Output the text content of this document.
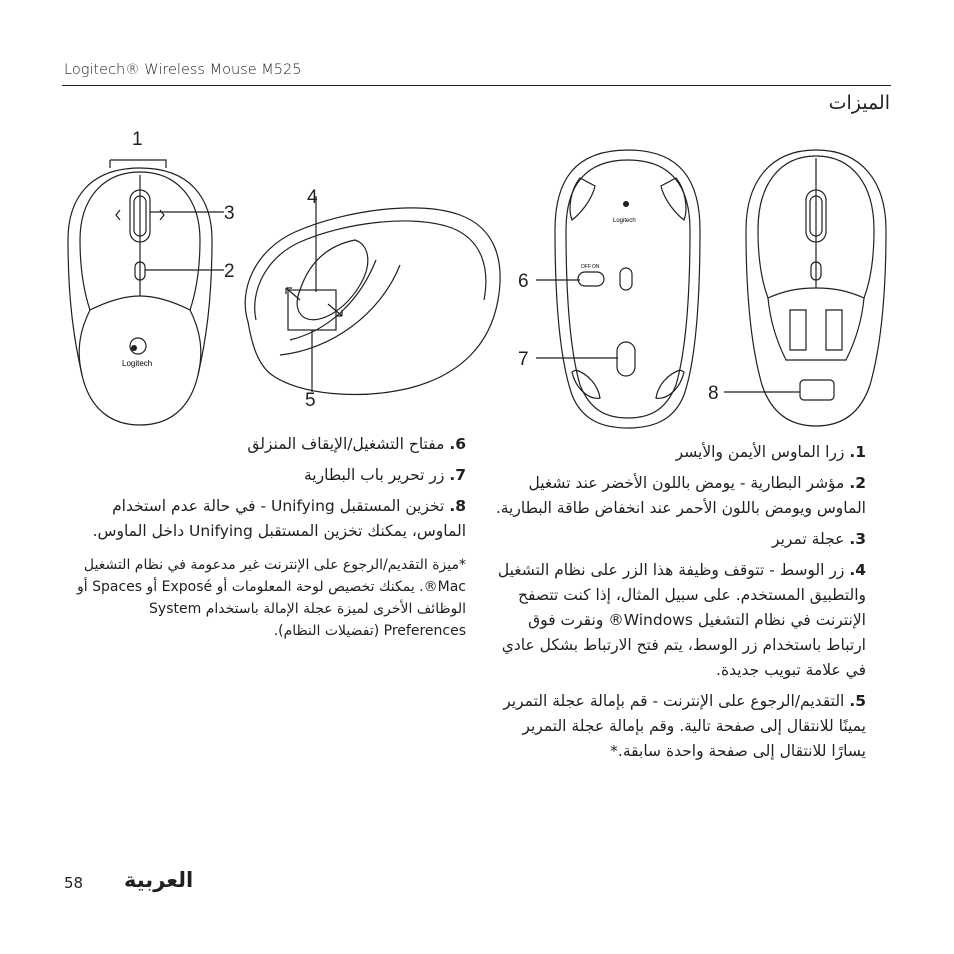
Logitech® Wireless Mouse M525
الميزات
Logitech
Logitech
OFF ON
1
2
3
4
5
6
7
8
6. مفتاح التشغيل/الإيقاف المنزلق
7. زر تحرير باب البطارية
8. تخزين المستقبل Unifying - في حالة عدم استخدام الماوس، يمكنك تخزين المستقبل Unifying داخل الماوس.
*ميزة التقديم/الرجوع على الإنترنت غير مدعومة في نظام التشغيل Mac®. يمكنك تخصيص لوحة المعلومات أو Exposé أو Spaces أو الوظائف الأخرى لميزة عجلة الإمالة باستخدام System Preferences (تفضيلات النظام).
1. زرا الماوس الأيمن والأيسر
2. مؤشر البطارية - يومض باللون الأخضر عند تشغيل الماوس ويومض باللون الأحمر عند انخفاض طاقة البطارية.
3. عجلة تمرير
4. زر الوسط - تتوقف وظيفة هذا الزر على نظام التشغيل والتطبيق المستخدم. على سبيل المثال، إذا كنت تتصفح الإنترنت في نظام التشغيل Windows® ونقرت فوق ارتباط باستخدام زر الوسط، يتم فتح الارتباط بشكل عادي في علامة تبويب جديدة.
5. التقديم/الرجوع على الإنترنت - قم بإمالة عجلة التمرير يمينًا للانتقال إلى صفحة تالية. وقم بإمالة عجلة التمرير يسارًا للانتقال إلى صفحة واحدة سابقة.*
58 العربية
